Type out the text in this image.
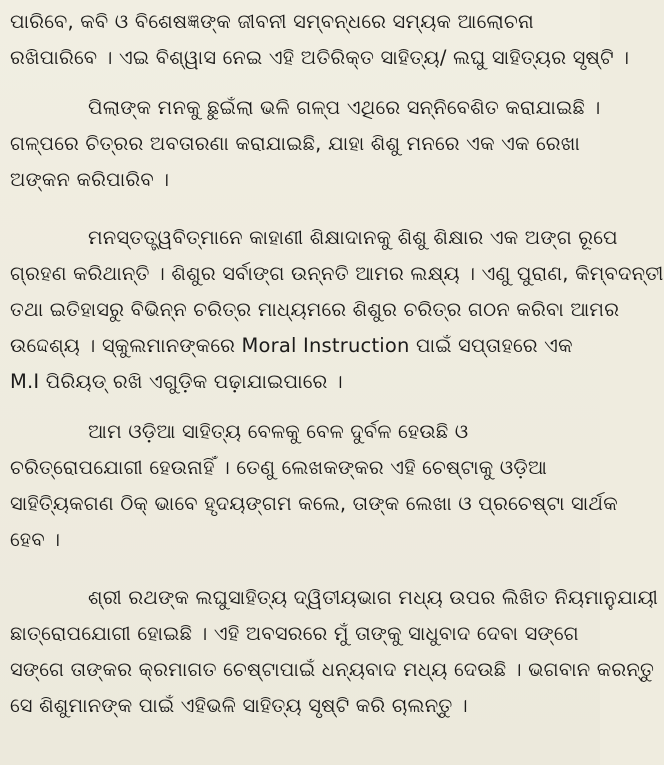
ପାରିବେ, କବି ଓ ବିଶେଷଜ୍ଞଙ୍କ ଜୀବନୀ ସମ୍ବନ୍ଧରେ ସମ୍ୟକ ଆଲୋଚନା
ରଖିପାରିବେ । ଏଇ ବିଶ୍ୱାସ ନେଇ ଏହି ଅତିରିକ୍ତ ସାହିତ୍ୟ/ ଲଘୁ ସାହିତ୍ୟର ସୃଷ୍ଟି ।
ପିଲାଙ୍କ ମନକୁ ଛୁଇଁଲା ଭଳି ଗଳ୍ପ ଏଥିରେ ସନ୍ନିବେଶିତ କରାଯାଇଛି ।
ଗଳ୍ପରେ ଚିତ୍ରର ଅବତାରଣା କରାଯାଇଛି, ଯାହା ଶିଶୁ ମନରେ ଏକ ଏକ ରେଖା
ଅଙ୍କନ କରିପାରିବ ।
ମନସ୍ତତ୍ତ୍ୱବିତ୍‌ମାନେ କାହାଣୀ ଶିକ୍ଷାଦାନକୁ ଶିଶୁ ଶିକ୍ଷାର ଏକ ଅଙ୍ଗ ରୂପେ
ଗ୍ରହଣ କରିଥାନ୍ତି । ଶିଶୁର ସର୍ବାଙ୍ଗ ଉନ୍ନତି ଆମର ଲକ୍ଷ୍ୟ । ଏଣୁ ପୁରାଣ, କିମ୍ବଦନ୍ତୀ
ତଥା ଇତିହାସରୁ ବିଭିନ୍ନ ଚରିତ୍ର ମାଧ୍ୟମରେ ଶିଶୁର ଚରିତ୍ର ଗଠନ କରିବା ଆମର
ଉଦ୍ଦେଶ୍ୟ । ସ୍କୁଲମାନଙ୍କରେ Moral Instruction ପାଇଁ ସପ୍ତାହରେ ଏକ
M.I ପିରିୟଡ୍ ରଖି ଏଗୁଡ଼ିକ ପଢ଼ାଯାଇପାରେ ।
ଆମ ଓଡ଼ିଆ ସାହିତ୍ୟ ବେଳକୁ ବେଳ ଦୁର୍ବଳ ହେଉଛି ଓ
ଚରିତ୍ରୋପଯୋଗୀ ହେଉନାହିଁ । ତେଣୁ ଲେଖକଙ୍କର ଏହି ଚେଷ୍ଟାକୁ ଓଡ଼ିଆ
ସାହିତ୍ୟିକଗଣ ଠିକ୍ ଭାବେ ହୃଦୟଙ୍ଗମ କଲେ, ତାଙ୍କ ଲେଖା ଓ ପ୍ରଚେଷ୍ଟା ସାର୍ଥକ
ହେବ ।
ଶ୍ରୀ ରଥଙ୍କ ଲଘୁସାହିତ୍ୟ ଦ୍ୱିତୀୟଭାଗ ମଧ୍ୟ ଉପର ଲିଖିତ ନିୟମାନୁଯାୟୀ
ଛାତ୍ରୋପଯୋଗୀ ହୋଇଛି । ଏହି ଅବସରରେ ମୁଁ ତାଙ୍କୁ ସାଧୁବାଦ ଦେବା ସଙ୍ଗେ
ସଙ୍ଗେ ତାଙ୍କର କ୍ରମାଗତ ଚେଷ୍ଟାପାଇଁ ଧନ୍ୟବାଦ ମଧ୍ୟ ଦେଉଛି । ଭଗବାନ କରନ୍ତୁ
ସେ ଶିଶୁମାନଙ୍କ ପାଇଁ ଏହିଭଳି ସାହିତ୍ୟ ସୃଷ୍ଟି କରି ଚାଲନ୍ତୁ ।
